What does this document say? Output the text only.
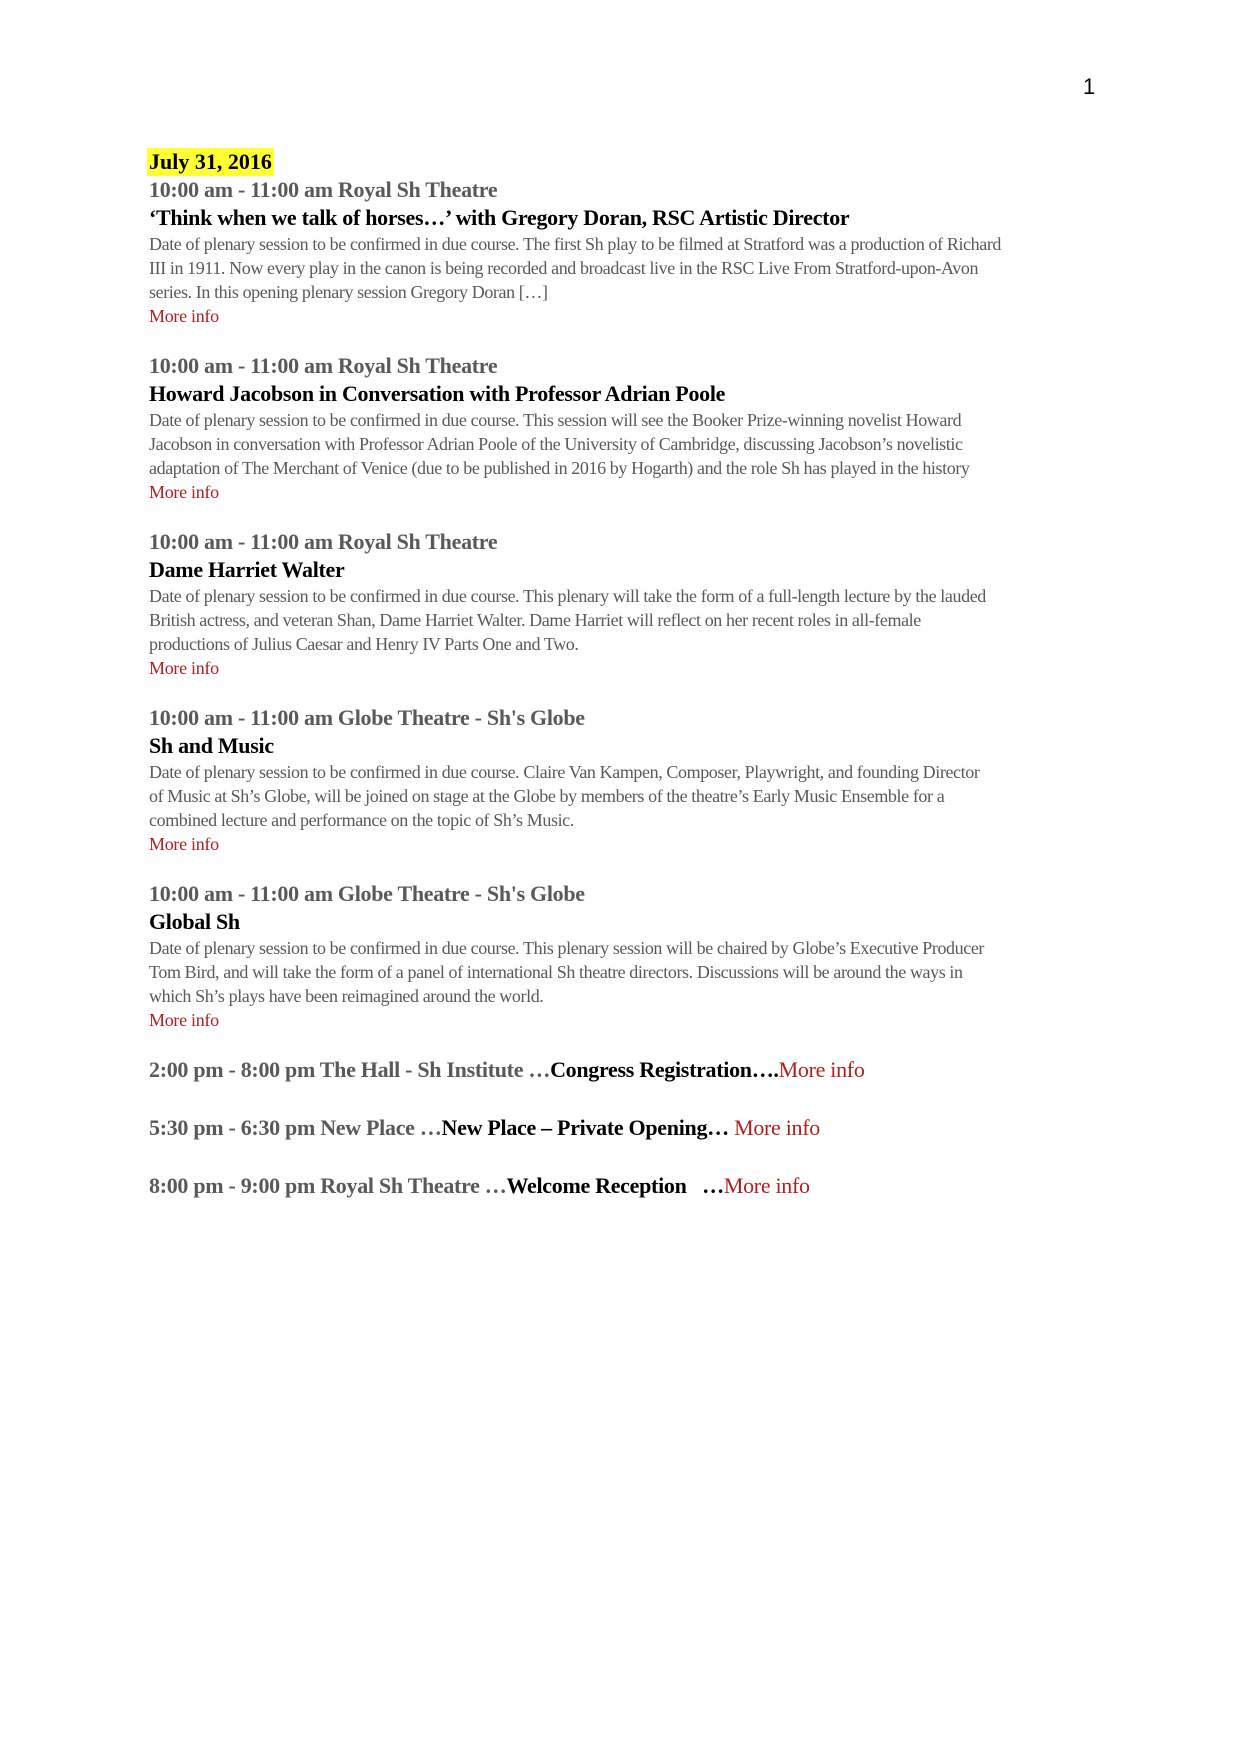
1
July 31, 2016
10:00 am - 11:00 am Royal Sh Theatre
‘Think when we talk of horses…’ with Gregory Doran, RSC Artistic Director
Date of plenary session to be confirmed in due course. The first Sh play to be filmed at Stratford was a production of Richard
III in 1911. Now every play in the canon is being recorded and broadcast live in the RSC Live From Stratford-upon-Avon
series. In this opening plenary session Gregory Doran […]
More info
10:00 am - 11:00 am Royal Sh Theatre
Howard Jacobson in Conversation with Professor Adrian Poole
Date of plenary session to be confirmed in due course. This session will see the Booker Prize-winning novelist Howard
Jacobson in conversation with Professor Adrian Poole of the University of Cambridge, discussing Jacobson’s novelistic
adaptation of The Merchant of Venice (due to be published in 2016 by Hogarth) and the role Sh has played in the history
More info
10:00 am - 11:00 am Royal Sh Theatre
Dame Harriet Walter
Date of plenary session to be confirmed in due course. This plenary will take the form of a full-length lecture by the lauded
British actress, and veteran Shan, Dame Harriet Walter. Dame Harriet will reflect on her recent roles in all-female
productions of Julius Caesar and Henry IV Parts One and Two.
More info
10:00 am - 11:00 am Globe Theatre - Sh's Globe
Sh and Music
Date of plenary session to be confirmed in due course. Claire Van Kampen, Composer, Playwright, and founding Director
of Music at Sh’s Globe, will be joined on stage at the Globe by members of the theatre’s Early Music Ensemble for a
combined lecture and performance on the topic of Sh’s Music.
More info
10:00 am - 11:00 am Globe Theatre - Sh's Globe
Global Sh
Date of plenary session to be confirmed in due course. This plenary session will be chaired by Globe’s Executive Producer
Tom Bird, and will take the form of a panel of international Sh theatre directors. Discussions will be around the ways in
which Sh’s plays have been reimagined around the world.
More info
2:00 pm - 8:00 pm The Hall - Sh Institute …Congress Registration….More info
5:30 pm - 6:30 pm New Place …New Place – Private Opening… More info
8:00 pm - 9:00 pm Royal Sh Theatre …Welcome Reception   …More info
